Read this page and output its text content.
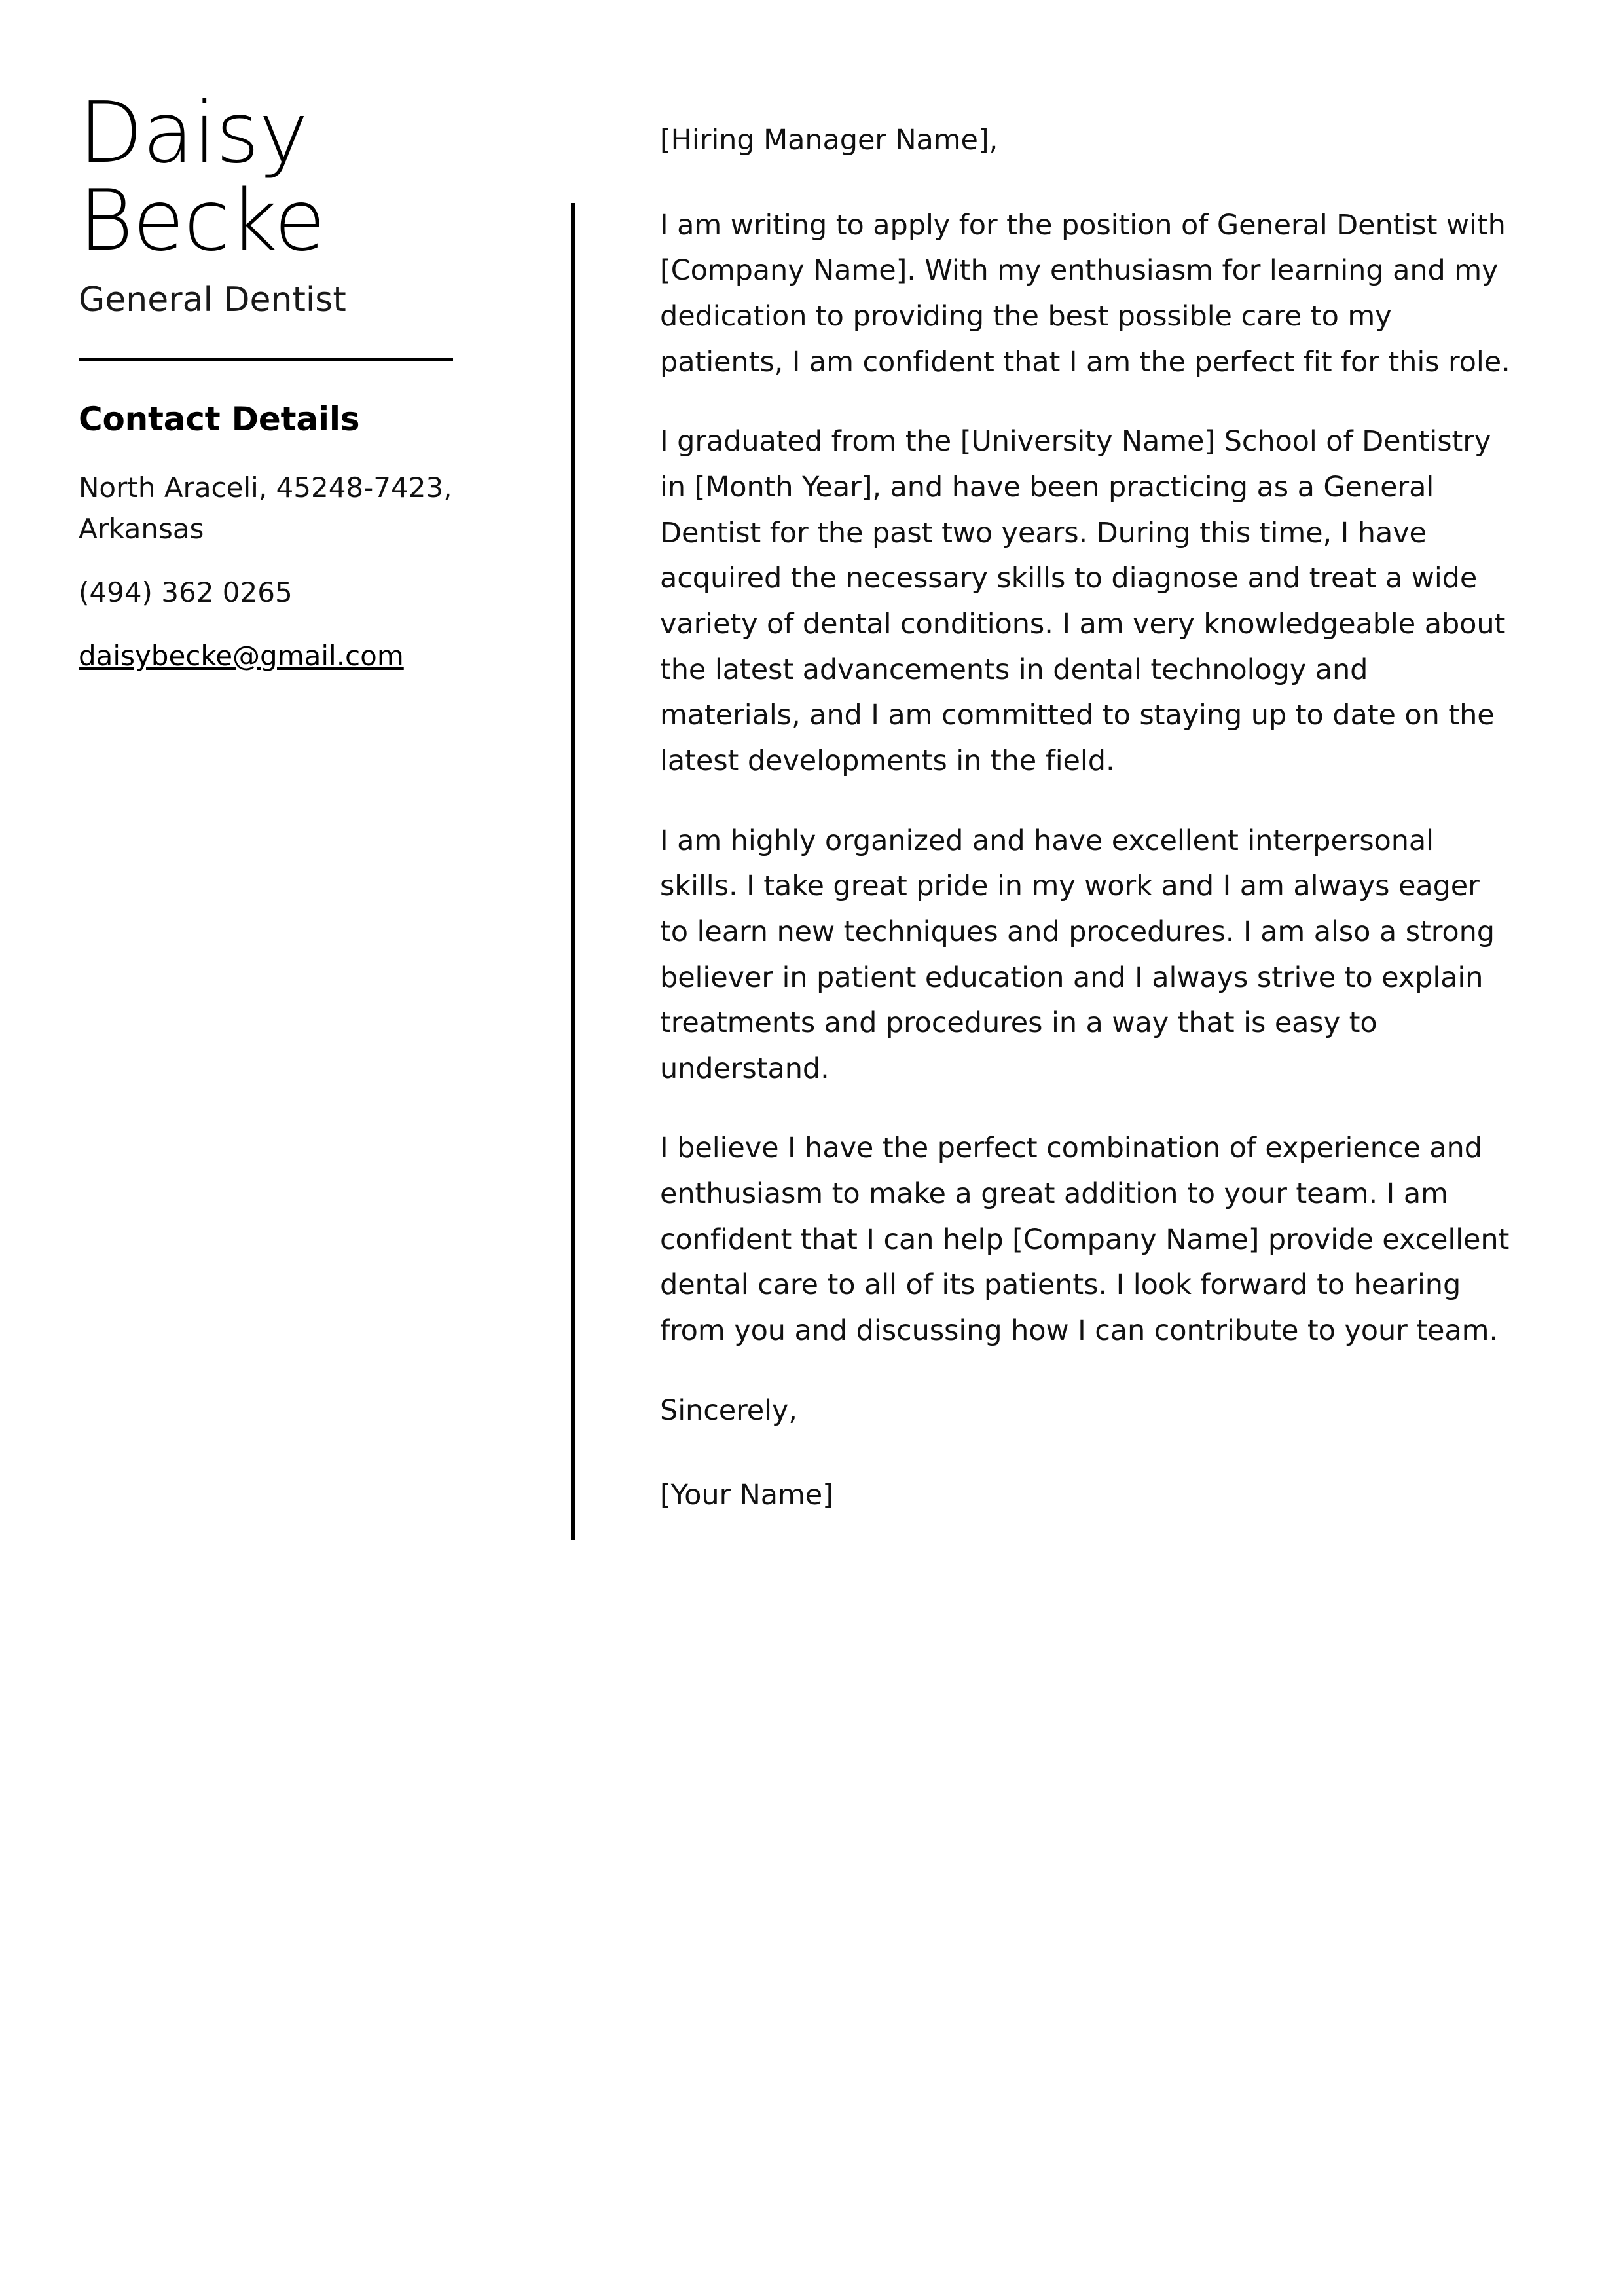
Daisy
Becke
General Dentist
Contact Details
North Araceli, 45248-7423, Arkansas
(494) 362 0265
daisybecke@gmail.com

[Hiring Manager Name],

I am writing to apply for the position of General Dentist with [Company Name]. With my enthusiasm for learning and my dedication to providing the best possible care to my patients, I am confident that I am the perfect fit for this role.

I graduated from the [University Name] School of Dentistry in [Month Year], and have been practicing as a General Dentist for the past two years. During this time, I have acquired the necessary skills to diagnose and treat a wide variety of dental conditions. I am very knowledgeable about the latest advancements in dental technology and materials, and I am committed to staying up to date on the latest developments in the field.

I am highly organized and have excellent interpersonal skills. I take great pride in my work and I am always eager to learn new techniques and procedures. I am also a strong believer in patient education and I always strive to explain treatments and procedures in a way that is easy to understand.

I believe I have the perfect combination of experience and enthusiasm to make a great addition to your team. I am confident that I can help [Company Name] provide excellent dental care to all of its patients. I look forward to hearing from you and discussing how I can contribute to your team.

Sincerely,

[Your Name]
